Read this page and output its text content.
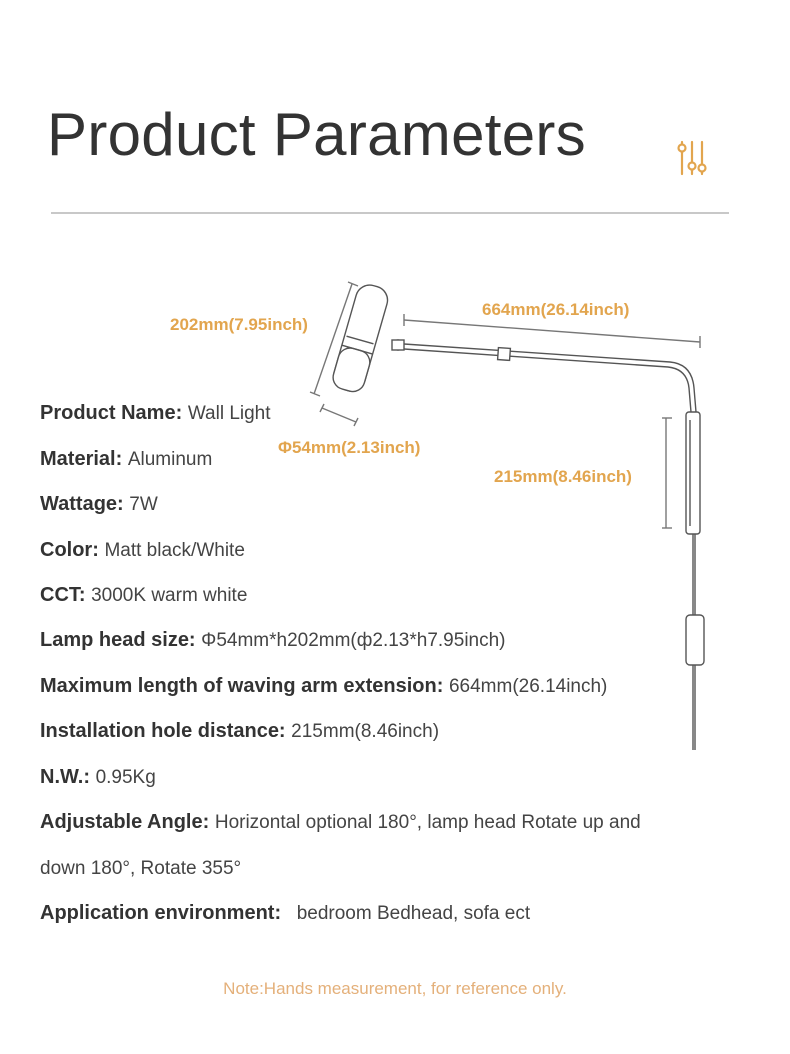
Product Parameters
202mm(7.95inch)
664mm(26.14inch)
Φ54mm(2.13inch)
215mm(8.46inch)
Product Name: Wall Light
Material: Aluminum
Wattage: 7W
Color: Matt black/White
CCT: 3000K warm white
Lamp head size: Φ54mm*h202mm(ф2.13*h7.95inch)
Maximum length of waving arm extension: 664mm(26.14inch)
Installation hole distance: 215mm(8.46inch)
N.W.: 0.95Kg
Adjustable Angle: Horizontal optional 180°, lamp head Rotate up and
down 180°, Rotate 355°
Application environment: bedroom Bedhead, sofa ect
Note:Hands measurement, for reference only.
